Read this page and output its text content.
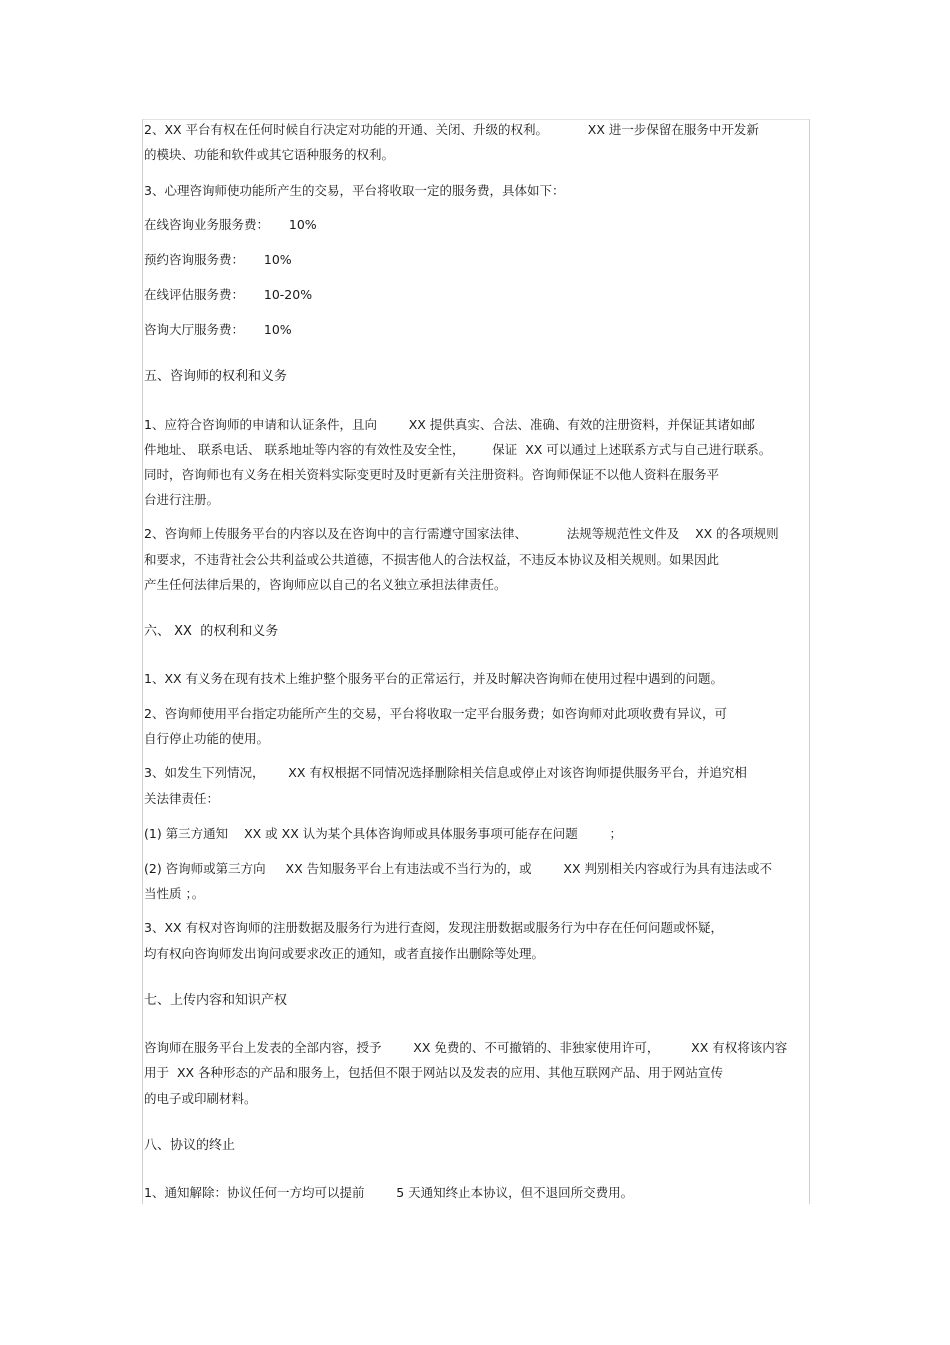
2、XX 平台有权在任何时候自行决定对功能的开通、关闭、升级的权利。          XX 进一步保留在服务中开发新
的模块、功能和软件或其它语种服务的权利。
3、心理咨询师使功能所产生的交易，平台将收取一定的服务费，具体如下：
在线咨询业务服务费：     10%
预约咨询服务费：     10%
在线评估服务费：     10-20%
咨询大厅服务费：     10%
五、咨询师的权利和义务
1、应符合咨询师的申请和认证条件，且向        XX 提供真实、合法、准确、有效的注册资料，并保证其诸如邮
件地址、 联系电话、 联系地址等内容的有效性及安全性，       保证  XX 可以通过上述联系方式与自己进行联系。
同时，咨询师也有义务在相关资料实际变更时及时更新有关注册资料。咨询师保证不以他人资料在服务平
台进行注册。
2、咨询师上传服务平台的内容以及在咨询中的言行需遵守国家法律、          法规等规范性文件及    XX 的各项规则
和要求，不违背社会公共利益或公共道德，不损害他人的合法权益，不违反本协议及相关规则。如果因此
产生任何法律后果的，咨询师应以自己的名义独立承担法律责任。
六、 XX  的权利和义务
1、XX 有义务在现有技术上维护整个服务平台的正常运行，并及时解决咨询师在使用过程中遇到的问题。
2、咨询师使用平台指定功能所产生的交易，平台将收取一定平台服务费；如咨询师对此项收费有异议，可
自行停止功能的使用。
3、如发生下列情况，      XX 有权根据不同情况选择删除相关信息或停止对该咨询师提供服务平台，并追究相
关法律责任：
(1) 第三方通知    XX 或 XX 认为某个具体咨询师或具体服务事项可能存在问题        ；
(2) 咨询师或第三方向     XX 告知服务平台上有违法或不当行为的，或        XX 判别相关内容或行为具有违法或不
当性质 ；。
3、XX 有权对咨询师的注册数据及服务行为进行查阅，发现注册数据或服务行为中存在任何问题或怀疑，
均有权向咨询师发出询问或要求改正的通知，或者直接作出删除等处理。
七、上传内容和知识产权
咨询师在服务平台上发表的全部内容，授予        XX 免费的、不可撤销的、非独家使用许可，        XX 有权将该内容
用于  XX 各种形态的产品和服务上，包括但不限于网站以及发表的应用、其他互联网产品、用于网站宣传
的电子或印刷材料。
八、协议的终止
1、通知解除：协议任何一方均可以提前        5 天通知终止本协议，但不退回所交费用。
